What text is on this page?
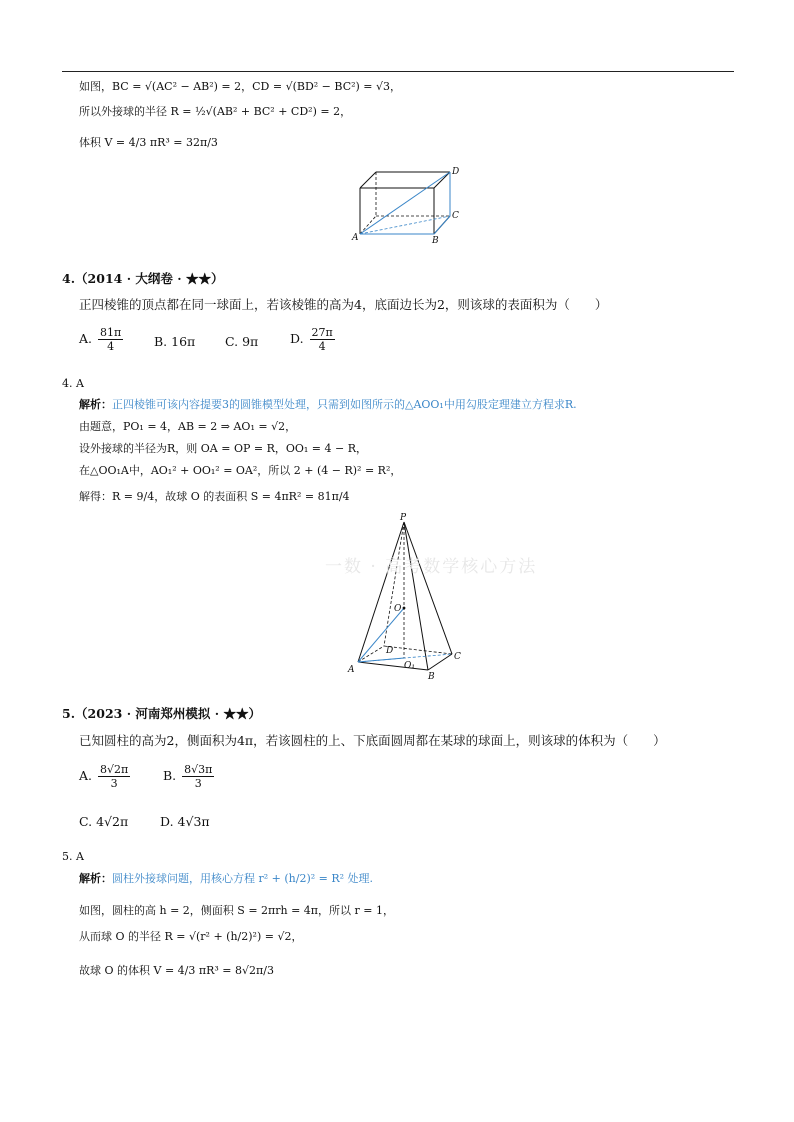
如图，BC = √(AC² − AB²) = 2，CD = √(BD² − BC²) = √3，
所以外接球的半径 R = ½√(AB² + BC² + CD²) = 2，
体积 V = 4/3 πR³ = 32π/3
A	B
C
D
4.（2014 · 大纲卷 · ★★）
正四棱锥的顶点都在同一球面上，若该棱锥的高为4，底面边长为2，则该球的表面积为（　　）
A. $\frac{81\pi}{4} B$. 16π C. 9π	D. $\frac{27\pi}{4}$
4. A
解析：正四棱锥可该内容提要3的圆锥模型处理，只需到如图所示的△AOO₁中用勾股定理建立方程求R.
由题意，PO₁ = 4，AB = 2 ⇒ AO₁ = √2，
设外接球的半径为R，则 OA = OP = R，OO₁ = 4 − R，
在△OO₁A中，AO₁² + OO₁² = OA²，所以 2 + (4 − R)² = R²，
解得：R = 9/4，故球 O 的表面积 S = 4πR² = 81π/4
P
O
D
O₁
A
B
C
一数 · 高考数学核心方法
5.（2023 · 河南郑州模拟 · ★★）
已知圆柱的高为2，侧面积为4π，若该圆柱的上、下底面圆周都在某球的球面上，则该球的体积为（　　）
A. $\frac{8√2\pi}{3}$	B. $\frac{8√3\pi}{3}$
C. 4√2π	D. 4√3π
5. A
解析：圆柱外接球问题，用核心方程 r² + (h/2)² = R² 处理.
如图，圆柱的高 h = 2，侧面积 S = 2πrh = 4π，所以 r = 1，
从而球 O 的半径 R = √(r² + (h/2)²) = √2，
故球 O 的体积 V = 4/3 πR³ = 8√2π/3
